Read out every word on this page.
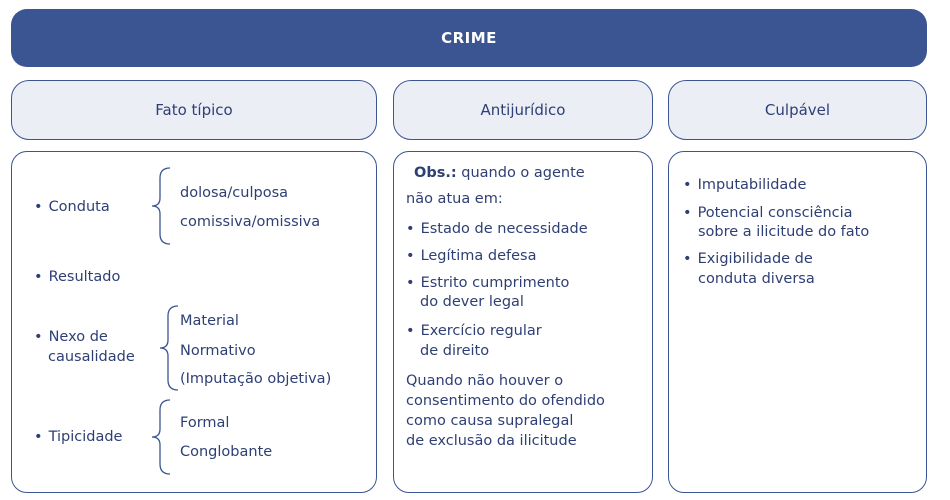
CRIME
Fato típico	Antijurídico	Culpável
• Conduta
dolosa/culposa
comissiva/omissiva
• Resultado
• Nexo de
causalidade
Material
Normativo
(Imputação objetiva)
• Tipicidade
Formal
Conglobante
Obs.: quando o agente
não atua em:
• Estado de necessidade
• Legítima defesa
• Estrito cumprimento
do dever legal
• Exercício regular
de direito
Quando não houver o
consentimento do ofendido
como causa supralegal
de exclusão da ilicitude
• Imputabilidade
• Potencial consciência
sobre a ilicitude do fato
• Exigibilidade de
conduta diversa
